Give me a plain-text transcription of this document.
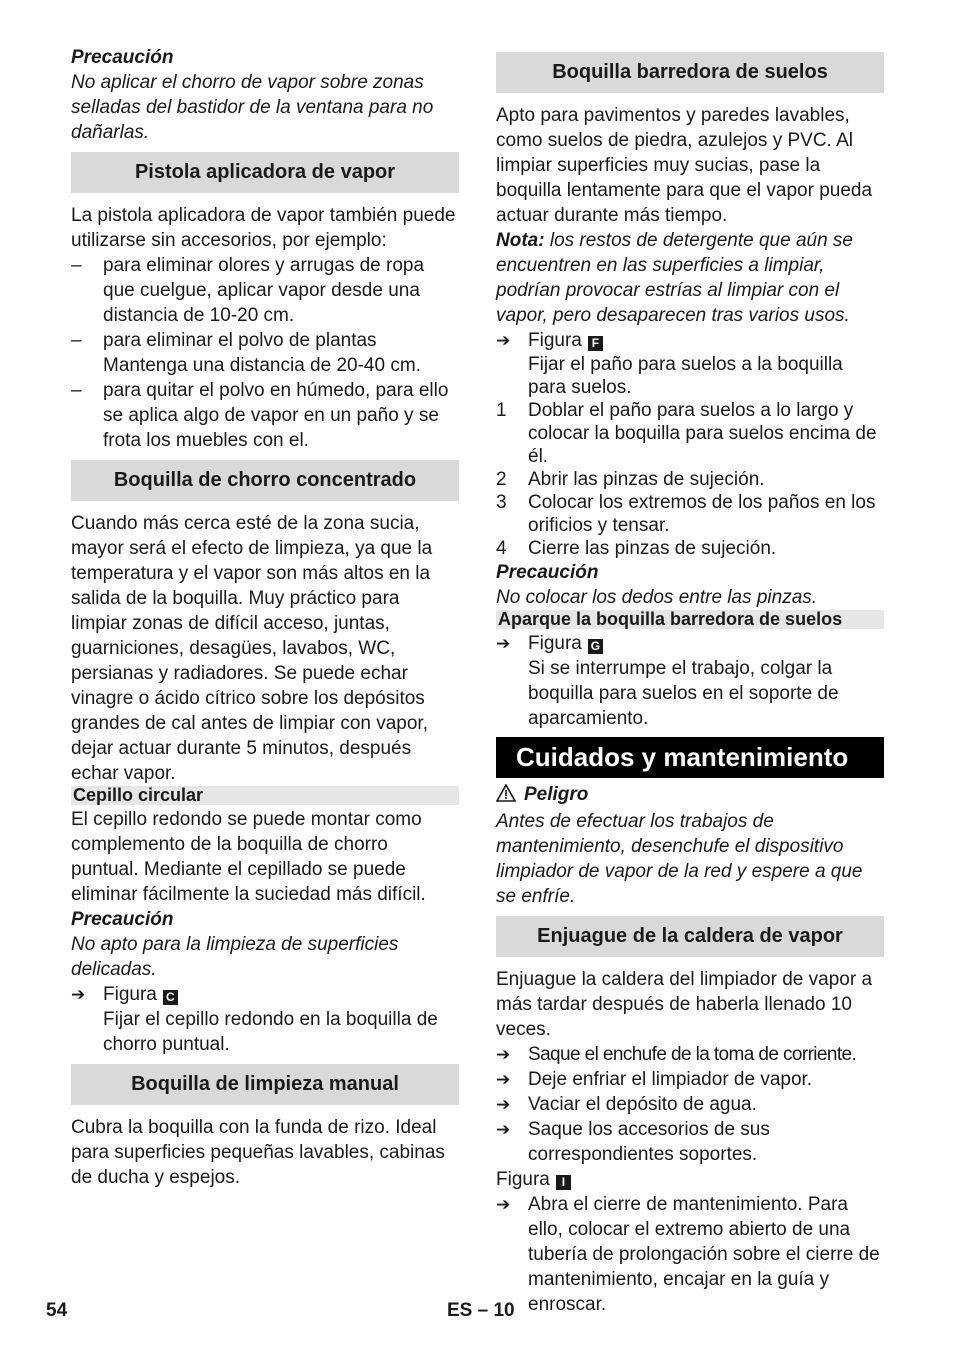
Precaución

No aplicar el chorro de vapor sobre zonas selladas del bastidor de la ventana para no dañarlas.

Pistola aplicadora de vapor

La pistola aplicadora de vapor también puede utilizarse sin accesorios, por ejemplo:

–	para eliminar olores y arrugas de ropa que cuelgue, aplicar vapor desde una distancia de 10-20 cm.
–	para eliminar el polvo de plantas Mantenga una distancia de 20-40 cm.
–	para quitar el polvo en húmedo, para ello se aplica algo de vapor en un paño y se frota los muebles con el.
Boquilla de chorro concentrado

Cuando más cerca esté de la zona sucia, mayor será el efecto de limpieza, ya que la temperatura y el vapor son más altos en la salida de la boquilla. Muy práctico para limpiar zonas de difícil acceso, juntas, guarniciones, desagües, lavabos, WC, persianas y radiadores. Se puede echar vinagre o ácido cítrico sobre los depósitos grandes de cal antes de limpiar con vapor, dejar actuar durante 5 minutos, después echar vapor.

Cepillo circular

El cepillo redondo se puede montar como complemento de la boquilla de chorro puntual. Mediante el cepillado se puede eliminar fácilmente la suciedad más difícil.

Precaución

No apto para la limpieza de superficies delicadas.

➔ Figura C
Fijar el cepillo redondo en la boquilla de chorro puntual.
Boquilla de limpieza manual

Cubra la boquilla con la funda de rizo. Ideal para superficies pequeñas lavables, cabinas de ducha y espejos.

Boquilla barredora de suelos

Apto para pavimentos y paredes lavables, como suelos de piedra, azulejos y PVC. Al limpiar superficies muy sucias, pase la boquilla lentamente para que el vapor pueda actuar durante más tiempo.

Nota: los restos de detergente que aún se encuentren en las superficies a limpiar, podrían provocar estrías al limpiar con el vapor, pero desaparecen tras varios usos.

➔ Figura F
Fijar el paño para suelos a la boquilla para suelos.
1	Doblar el paño para suelos a lo largo y colocar la boquilla para suelos encima de él.
2	Abrir las pinzas de sujeción.
3	Colocar los extremos de los paños en los orificios y tensar.
4	Cierre las pinzas de sujeción.

Precaución

No colocar los dedos entre las pinzas.

Aparque la boquilla barredora de suelos
➔ Figura G
Si se interrumpe el trabajo, colgar la boquilla para suelos en el soporte de aparcamiento.
Cuidados y mantenimiento

Peligro

Antes de efectuar los trabajos de mantenimiento, desenchufe el dispositivo limpiador de vapor de la red y espere a que se enfríe.

Enjuague de la caldera de vapor

Enjuague la caldera del limpiador de vapor a más tardar después de haberla llenado 10 veces.

➔ Saque el enchufe de la toma de corriente.
➔ Deje enfriar el limpiador de vapor.
➔ Vaciar el depósito de agua.
➔ Saque los accesorios de sus correspondientes soportes.

Figura I

➔ Abra el cierre de mantenimiento. Para ello, colocar el extremo abierto de una tubería de prolongación sobre el cierre de mantenimiento, encajar en la guía y enroscar.
54	ES – 10
